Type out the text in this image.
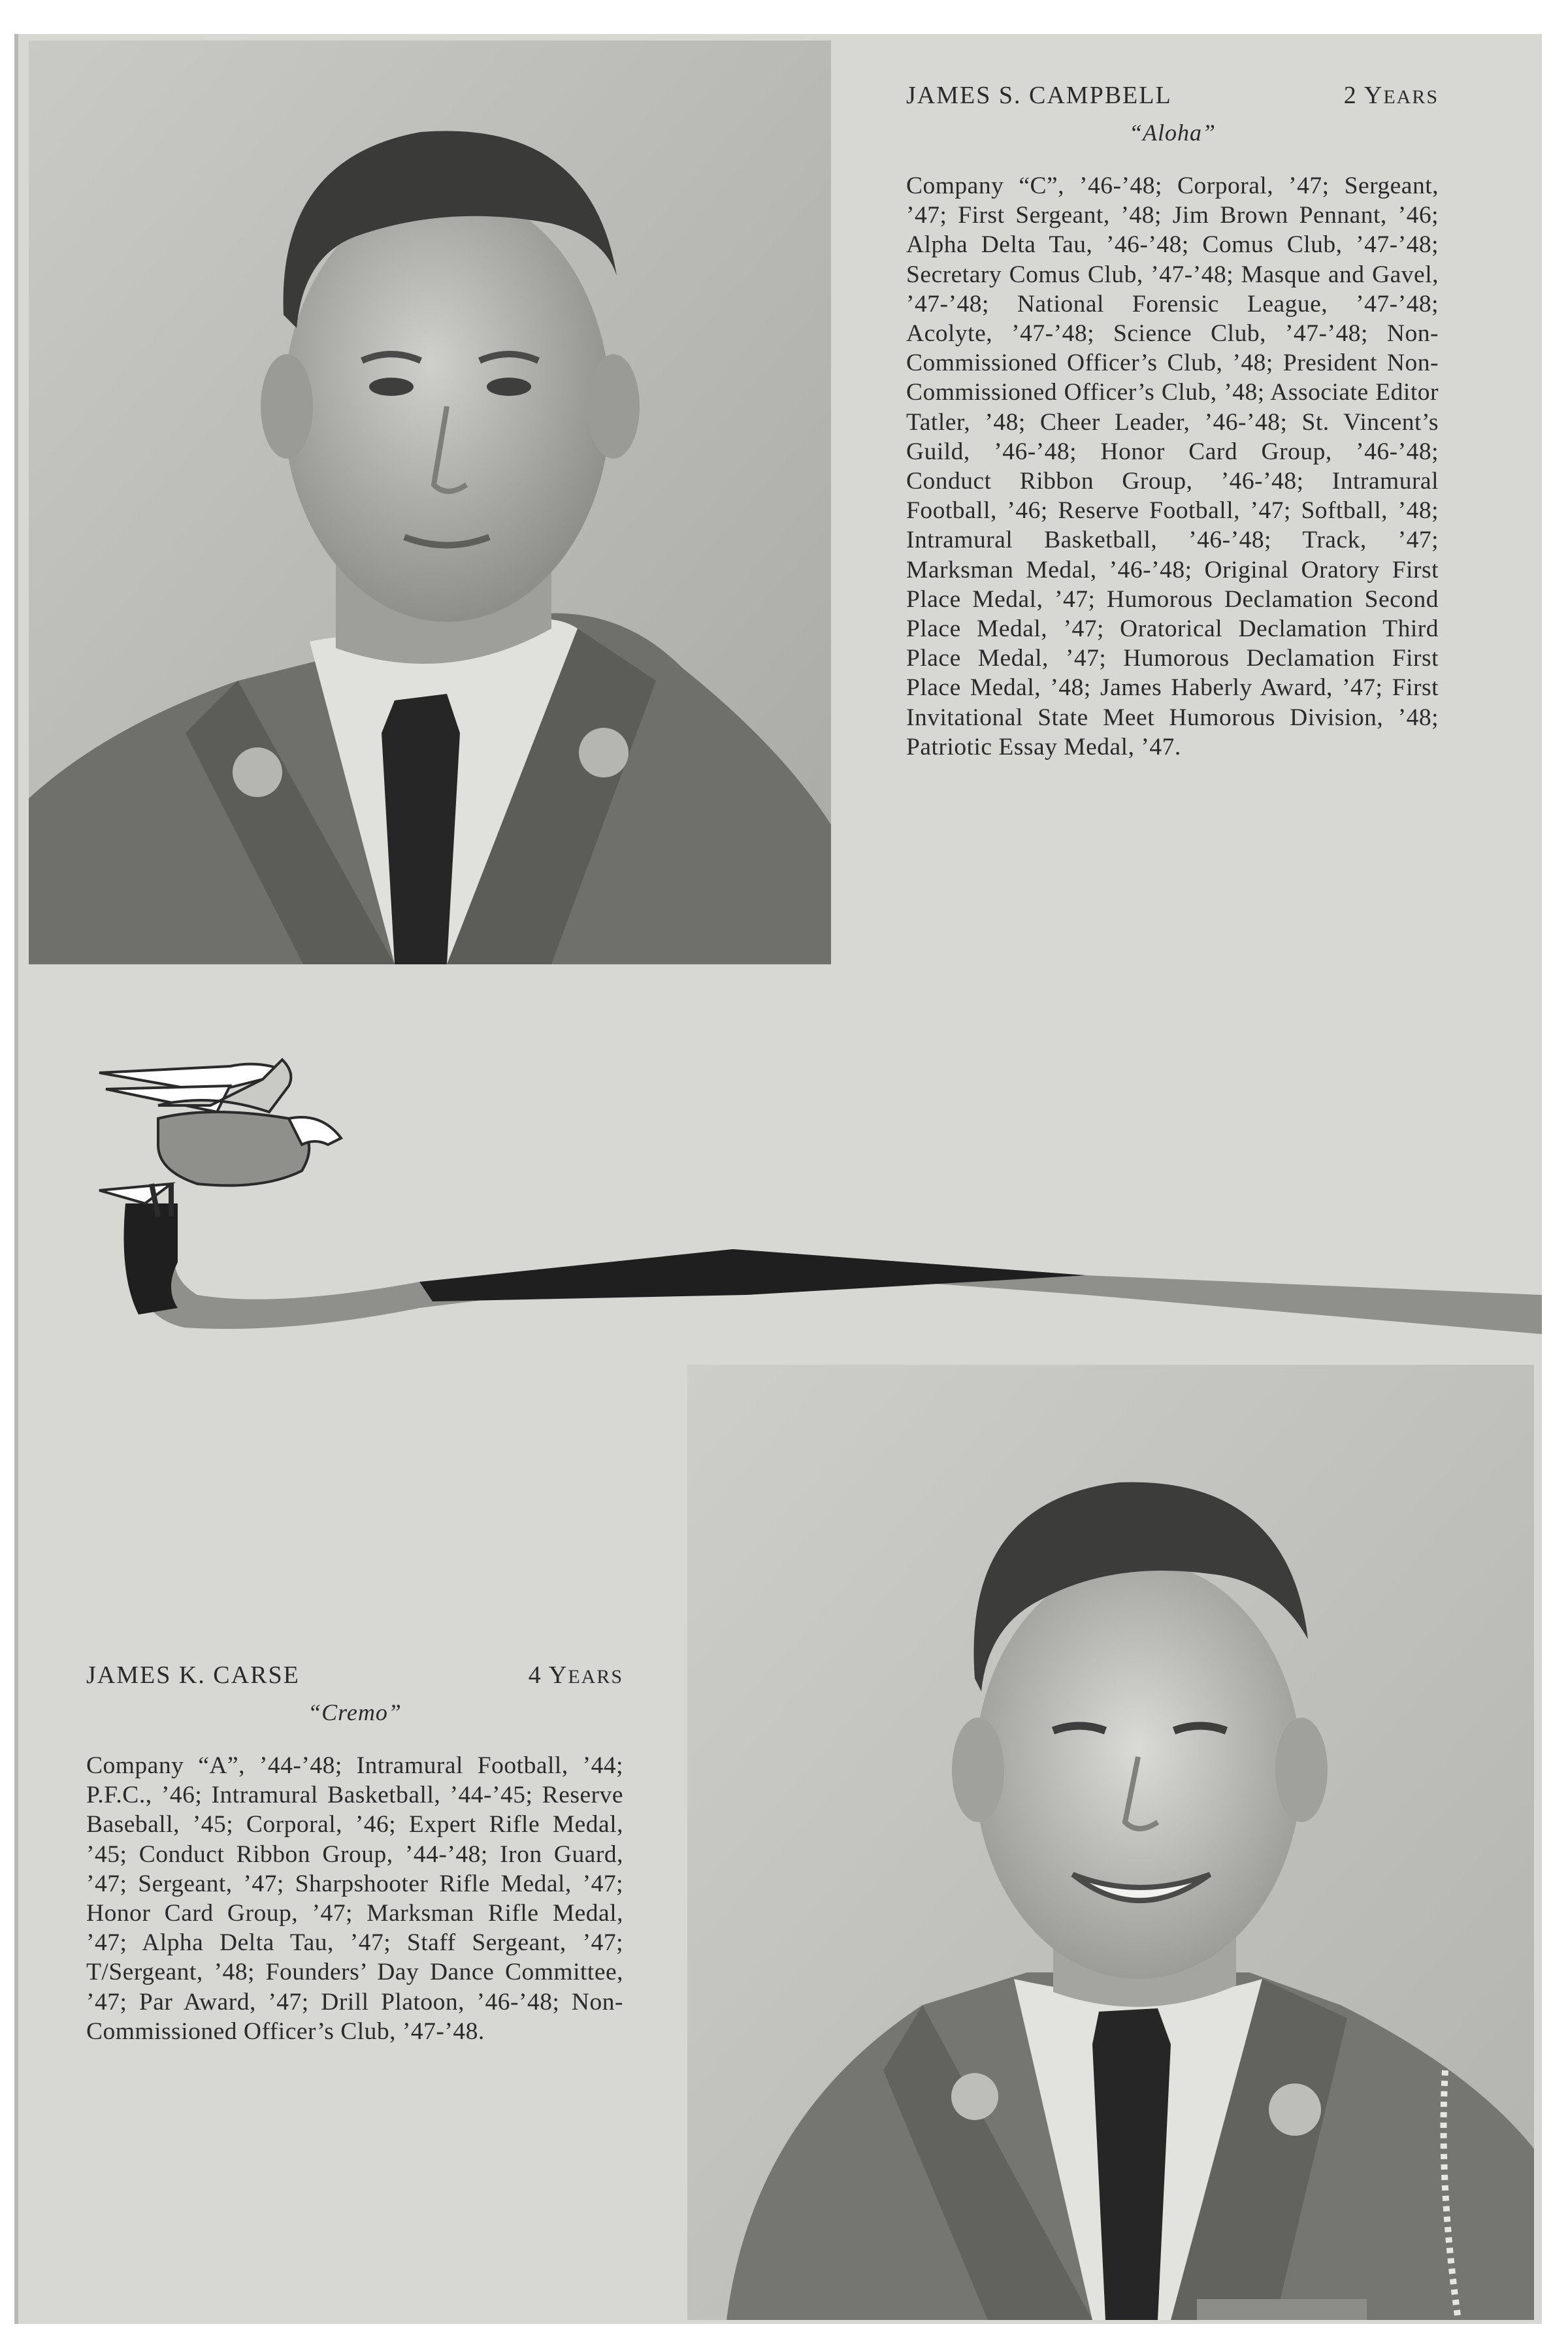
JAMES S. CAMPBELL	2 YEARS
“Aloha”
Company “C”, ’46-’48; Corporal, ’47; Sergeant, ’47; First Sergeant, ’48; Jim Brown Pennant, ’46; Alpha Delta Tau, ’46-’48; Comus Club, ’47-’48; Secretary Comus Club, ’47-’48; Masque and Gavel, ’47-’48; National Forensic League, ’47-’48; Acolyte, ’47-’48; Science Club, ’47-’48; Non-Commissioned Officer’s Club, ’48; President Non-Commissioned Officer’s Club, ’48; Associate Editor Tatler, ’48; Cheer Leader, ’46-’48; St. Vincent’s Guild, ’46-’48; Honor Card Group, ’46-’48; Conduct Ribbon Group, ’46-’48; Intramural Football, ’46; Reserve Football, ’47; Softball, ’48; Intramural Basketball, ’46-’48; Track, ’47; Marksman Medal, ’46-’48; Original Oratory First Place Medal, ’47; Humorous Declamation Second Place Medal, ’47; Oratorical Declamation Third Place Medal, ’47; Humorous Declamation First Place Medal, ’48; James Haberly Award, ’47; First Invitational State Meet Humorous Division, ’48; Patriotic Essay Medal, ’47.
JAMES K. CARSE	4 YEARS
“Cremo”
Company “A”, ’44-’48; Intramural Football, ’44; P.F.C., ’46; Intramural Basketball, ’44-’45; Reserve Baseball, ’45; Corporal, ’46; Expert Rifle Medal, ’45; Conduct Ribbon Group, ’44-’48; Iron Guard, ’47; Sergeant, ’47; Sharpshooter Rifle Medal, ’47; Honor Card Group, ’47; Marksman Rifle Medal, ’47; Alpha Delta Tau, ’47; Staff Sergeant, ’47; T/Sergeant, ’48; Founders’ Day Dance Committee, ’47; Par Award, ’47; Drill Platoon, ’46-’48; Non-Commissioned Officer’s Club, ’47-’48.
